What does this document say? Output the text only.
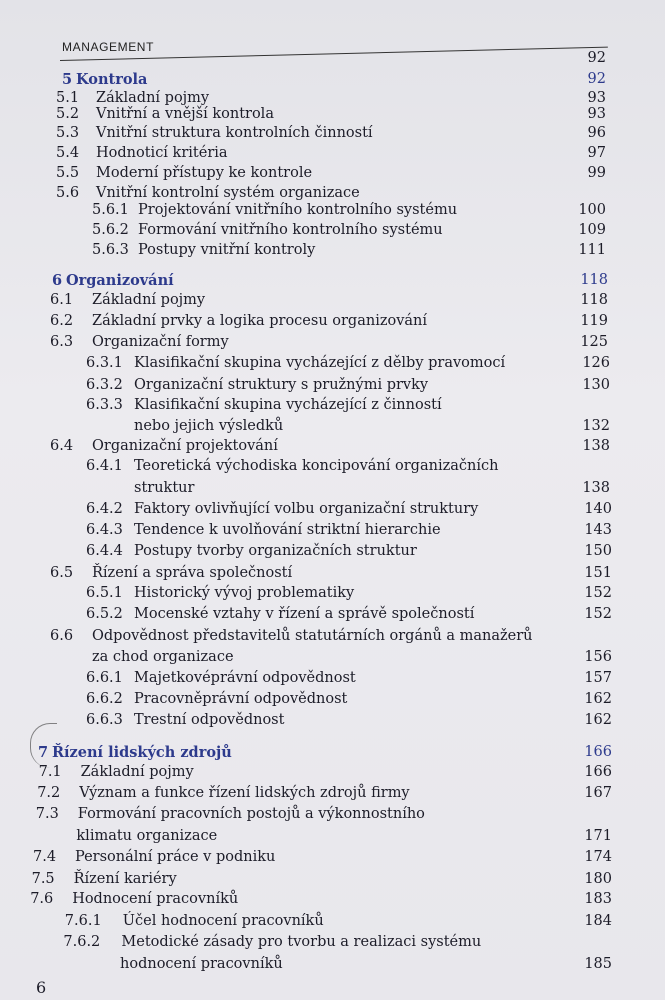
MANAGEMENT
92
5 Kontrola	92
5.1 Základní pojmy	93
5.2 Vnitřní a vnější kontrola	93
5.3 Vnitřní struktura kontrolních činností	96
5.4 Hodnoticí kritéria	97
5.5 Moderní přístupy ke kontrole	99
5.6 Vnitřní kontrolní systém organizace
5.6.1 Projektování vnitřního kontrolního systému	100
5.6.2 Formování vnitřního kontrolního systému	109
5.6.3 Postupy vnitřní kontroly	111
6 Organizování	118
6.1 Základní pojmy	118
6.2 Základní prvky a logika procesu organizování	119
6.3 Organizační formy	125
6.3.1 Klasifikační skupina vycházející z dělby pravomocí	126
6.3.2 Organizační struktury s pružnými prvky	130
6.3.3 Klasifikační skupina vycházející z činností
nebo jejich výsledků	132
6.4 Organizační projektování	138
6.4.1 Teoretická východiska koncipování organizačních
struktur	138
6.4.2 Faktory ovlivňující volbu organizační struktury	140
6.4.3 Tendence k uvolňování striktní hierarchie	143
6.4.4 Postupy tvorby organizačních struktur	150
6.5 Řízení a správa společností	151
6.5.1 Historický vývoj problematiky	152
6.5.2 Mocenské vztahy v řízení a správě společností	152
6.6 Odpovědnost představitelů statutárních orgánů a manažerů
za chod organizace	156
6.6.1 Majetkovéprávní odpovědnost	157
6.6.2 Pracovněprávní odpovědnost	162
6.6.3 Trestní odpovědnost	162
7 Řízení lidských zdrojů	166
7.1 Základní pojmy	166
7.2 Význam a funkce řízení lidských zdrojů firmy	167
7.3 Formování pracovních postojů a výkonnostního
klimatu organizace	171
7.4 Personální práce v podniku	174
7.5 Řízení kariéry	180
7.6 Hodnocení pracovníků	183
7.6.1 Účel hodnocení pracovníků	184
7.6.2 Metodické zásady pro tvorbu a realizaci systému
hodnocení pracovníků	185
6
